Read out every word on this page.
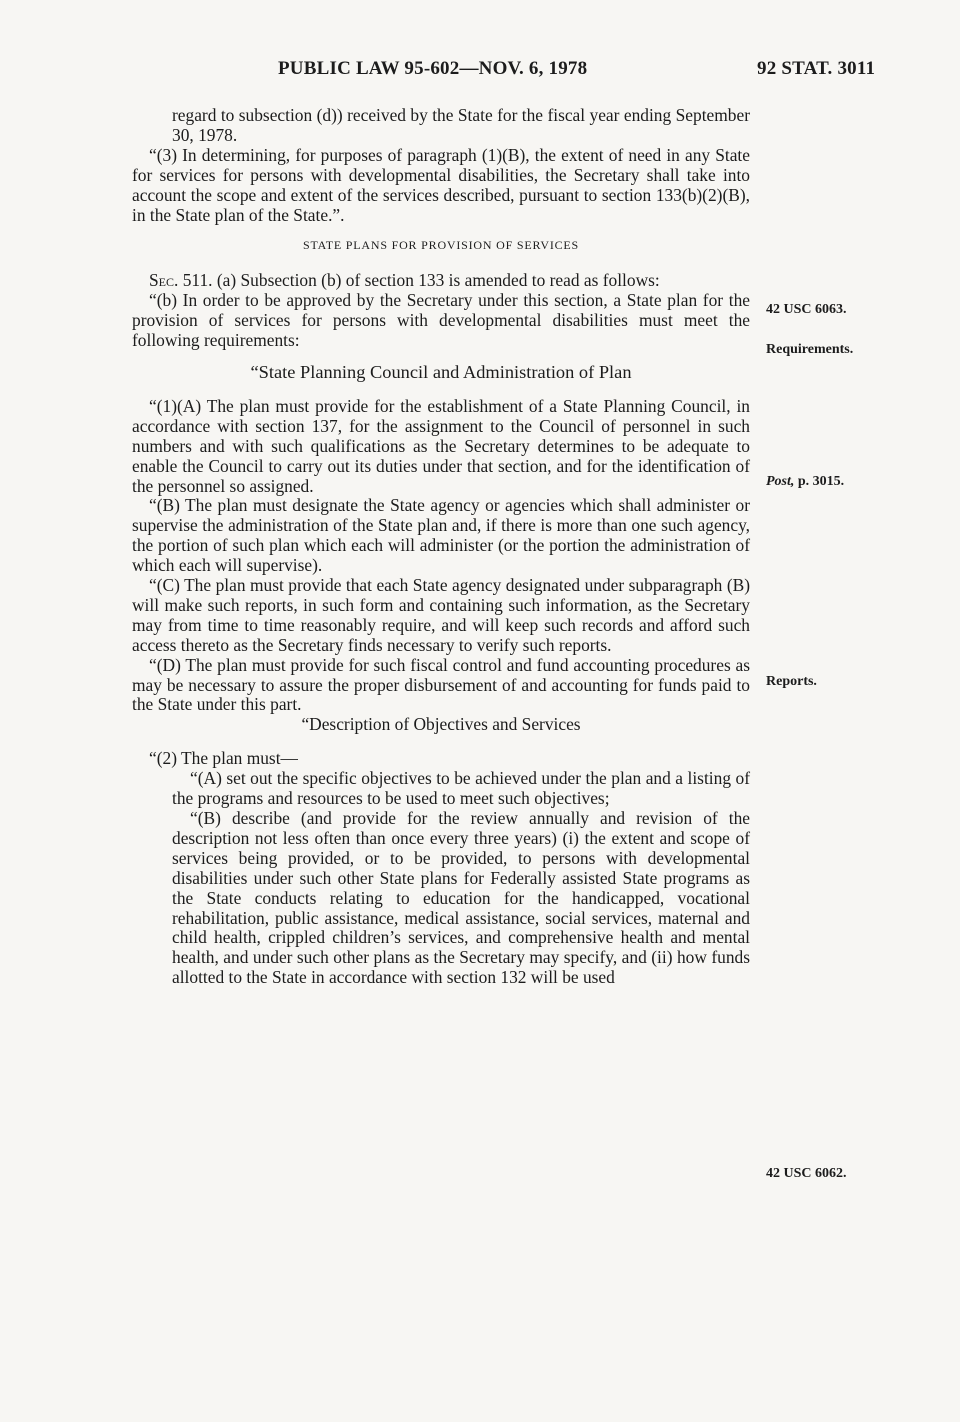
PUBLIC LAW 95-602—NOV. 6, 1978	92 STAT. 3011

regard to subsection (d)) received by the State for the fiscal year ending September 30, 1978.

“(3) In determining, for purposes of paragraph (1)(B), the extent of need in any State for services for persons with developmental disabilities, the Secretary shall take into account the scope and extent of the services described, pursuant to section 133(b)(2)(B), in the State plan of the State.”.

STATE PLANS FOR PROVISION OF SERVICES

Sec. 511. (a) Subsection (b) of section 133 is amended to read as follows:

“(b) In order to be approved by the Secretary under this section, a State plan for the provision of services for persons with developmental disabilities must meet the following requirements:

“State Planning Council and Administration of Plan

“(1)(A) The plan must provide for the establishment of a State Planning Council, in accordance with section 137, for the assignment to the Council of personnel in such numbers and with such qualifications as the Secretary determines to be adequate to enable the Council to carry out its duties under that section, and for the identification of the personnel so assigned.

“(B) The plan must designate the State agency or agencies which shall administer or supervise the administration of the State plan and, if there is more than one such agency, the portion of such plan which each will administer (or the portion the administration of which each will supervise).

“(C) The plan must provide that each State agency designated under subparagraph (B) will make such reports, in such form and containing such information, as the Secretary may from time to time reasonably require, and will keep such records and afford such access thereto as the Secretary finds necessary to verify such reports.

“(D) The plan must provide for such fiscal control and fund accounting procedures as may be necessary to assure the proper disbursement of and accounting for funds paid to the State under this part.

“Description of Objectives and Services

“(2) The plan must—

“(A) set out the specific objectives to be achieved under the plan and a listing of the programs and resources to be used to meet such objectives;

“(B) describe (and provide for the review annually and revision of the description not less often than once every three years) (i) the extent and scope of services being provided, or to be provided, to persons with developmental disabilities under such other State plans for Federally assisted State programs as the State conducts relating to education for the handicapped, vocational rehabilitation, public assistance, medical assistance, social services, maternal and child health, crippled children’s services, and comprehensive health and mental health, and under such other plans as the Secretary may specify, and (ii) how funds allotted to the State in accordance with section 132 will be used

42 USC 6063.
Requirements.
Post, p. 3015.
Reports.
42 USC 6062.
